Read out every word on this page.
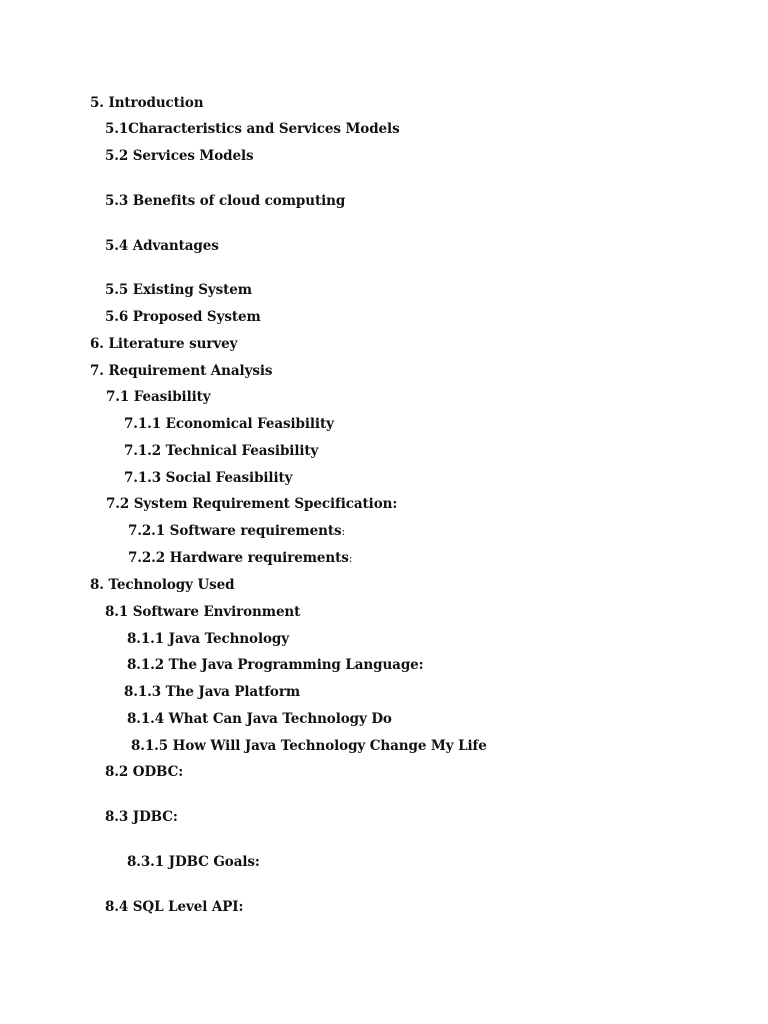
5. Introduction
5.1Characteristics and Services Models
5.2 Services Models
5.3 Benefits of cloud computing
5.4 Advantages
5.5 Existing System
5.6 Proposed System
6. Literature survey
7. Requirement Analysis
7.1 Feasibility
7.1.1 Economical Feasibility
7.1.2 Technical Feasibility
7.1.3 Social Feasibility
7.2 System Requirement Specification:
7.2.1 Software requirements:
7.2.2 Hardware requirements:
8. Technology Used
8.1 Software Environment
8.1.1 Java Technology
8.1.2 The Java Programming Language:
8.1.3 The Java Platform
8.1.4 What Can Java Technology Do
8.1.5 How Will Java Technology Change My Life
8.2 ODBC:
8.3 JDBC:
8.3.1 JDBC Goals:
8.4 SQL Level API:
